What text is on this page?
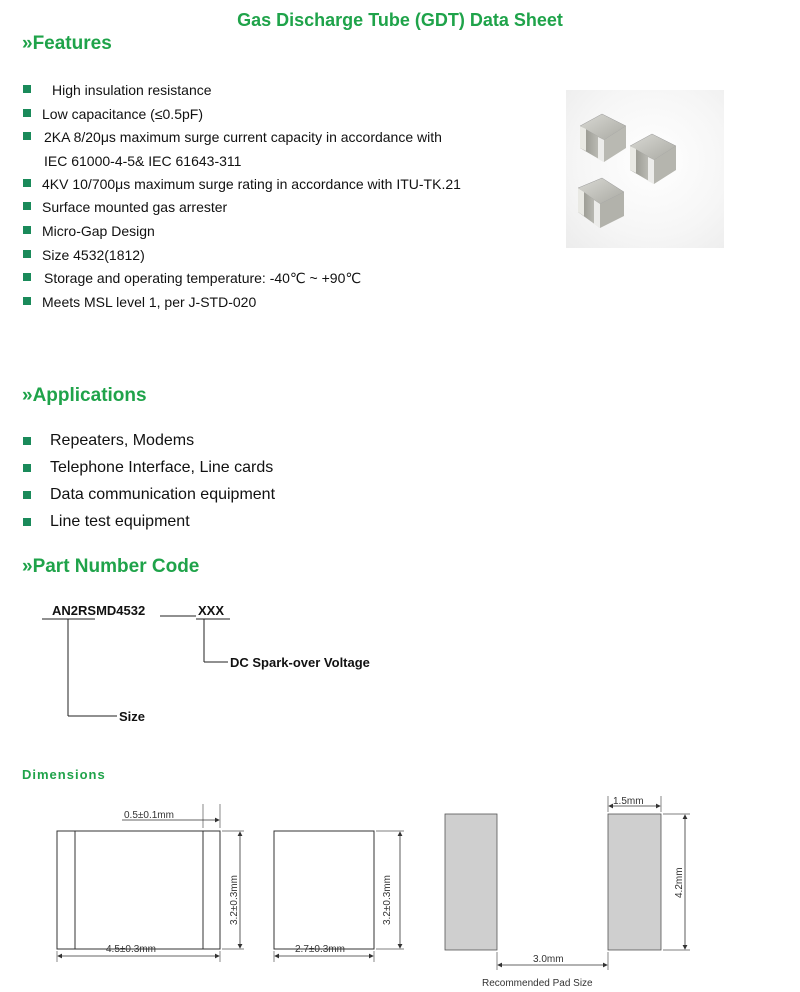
Gas Discharge Tube (GDT) Data Sheet
»Features
High insulation resistance
Low capacitance (≤0.5pF)
2KA 8/20μs maximum surge current capacity in accordance with
IEC 61000-4-5& IEC 61643-311
4KV 10/700μs maximum surge rating in accordance with ITU-TK.21
Surface mounted gas arrester
Micro-Gap Design
Size 4532(1812)
Storage and operating temperature: -40℃ ~ +90℃
Meets MSL level 1, per J-STD-020
»Applications
Repeaters, Modems
Telephone Interface, Line cards
Data communication equipment
Line test equipment
»Part Number Code
AN2RSMD4532	XXX
DC Spark-over Voltage
Size
Dimensions
0.5±0.1mm
3.2±0.3mm
4.5±0.3mm
3.2±0.3mm
2.7±0.3mm
1.5mm
4.2mm
3.0mm
Recommended Pad Size
